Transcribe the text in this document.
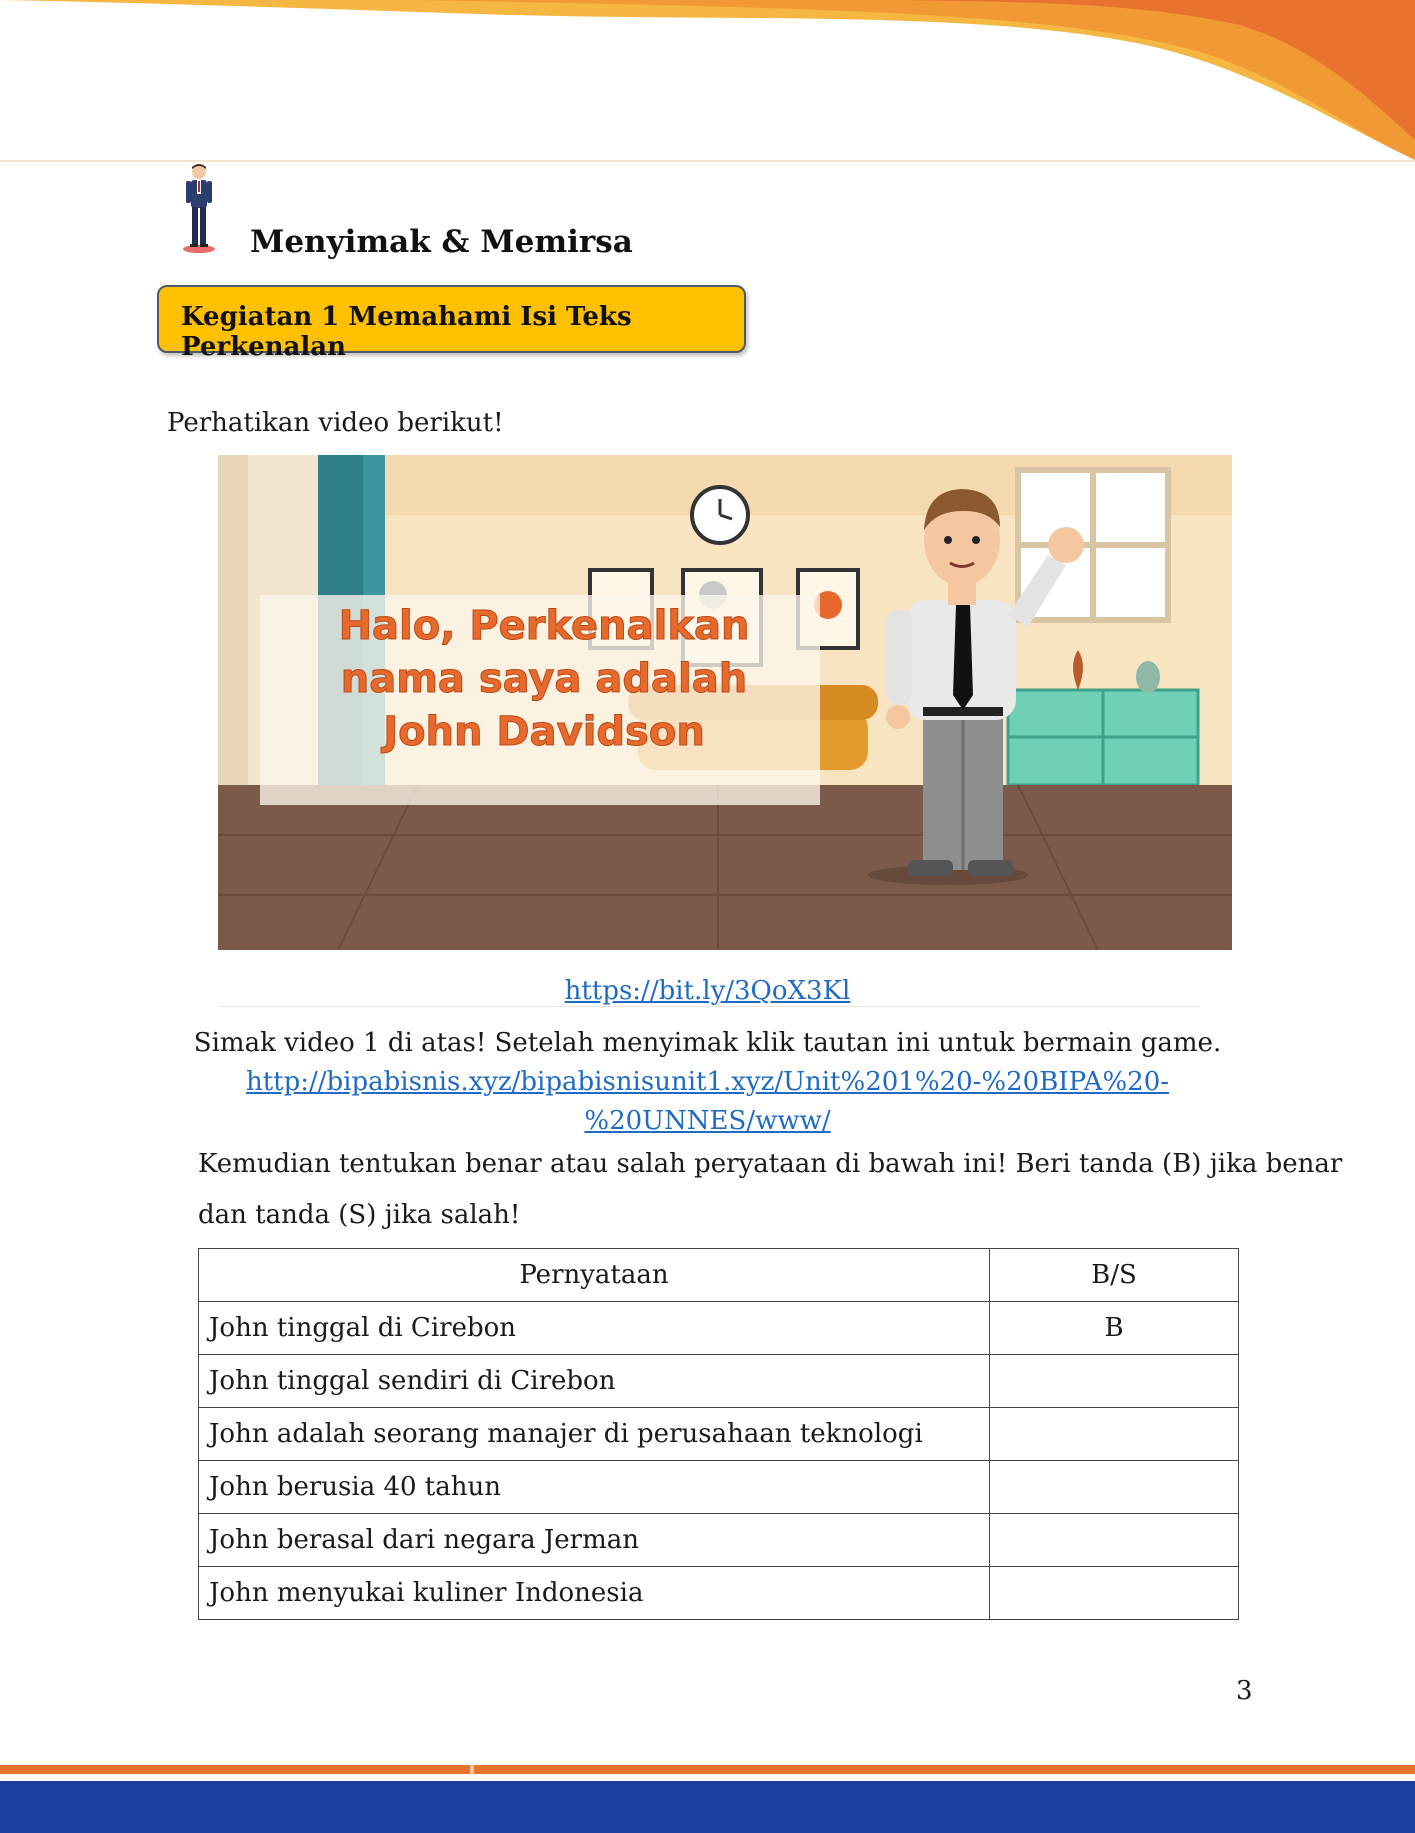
Menyimak & Memirsa
Kegiatan 1 Memahami Isi Teks Perkenalan
Perhatikan video berikut!
Halo, Perkenalkan
nama saya adalah
John Davidson
https://bit.ly/3QoX3Kl
Simak video 1 di atas! Setelah menyimak klik tautan ini untuk bermain game.
http://bipabisnis.xyz/bipabisnisunit1.xyz/Unit%201%20-%20BIPA%20-
%20UNNES/www/
Kemudian tentukan benar atau salah peryataan di bawah ini! Beri tanda (B) jika benar
dan tanda (S) jika salah!
Pernyataan	B/S
John tinggal di Cirebon	B
John tinggal sendiri di Cirebon	
John adalah seorang manajer di perusahaan teknologi	
John berusia 40 tahun	
John berasal dari negara Jerman	
John menyukai kuliner Indonesia	
3
